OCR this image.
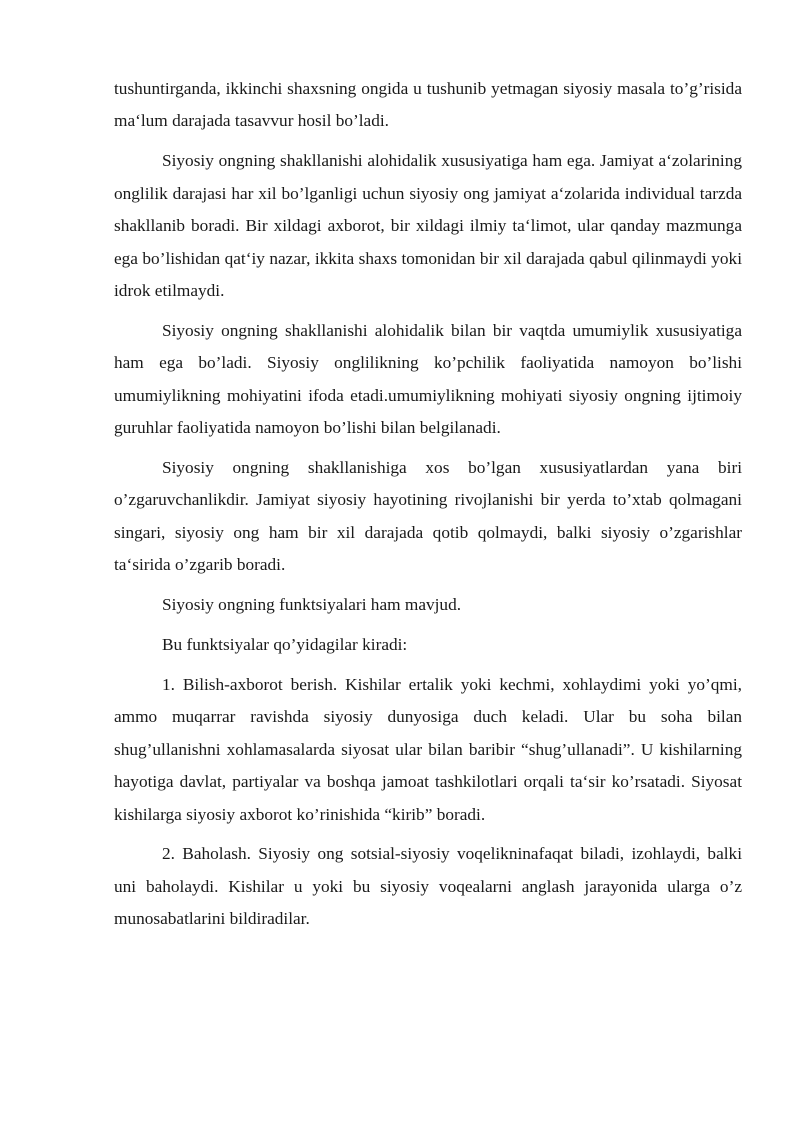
tushuntirganda, ikkinchi shaxsning ongida u tushunib yetmagan siyosiy masala to’g’risida ma‘lum darajada tasavvur hosil bo’ladi.

Siyosiy ongning shakllanishi alohidalik xususiyatiga ham ega. Jamiyat a‘zolarining onglilik darajasi har xil bo’lganligi uchun siyosiy ong jamiyat a‘zolarida individual tarzda shakllanib boradi. Bir xildagi axborot, bir xildagi ilmiy ta‘limot, ular qanday mazmunga ega bo’lishidan qat‘iy nazar, ikkita shaxs tomonidan bir xil darajada qabul qilinmaydi yoki idrok etilmaydi.

Siyosiy ongning shakllanishi alohidalik bilan bir vaqtda umumiylik xususiyatiga ham ega bo’ladi. Siyosiy onglilikning ko’pchilik faoliyatida namoyon bo’lishi umumiylikning mohiyatini ifoda etadi.umumiylikning mohiyati siyosiy ongning ijtimoiy guruhlar faoliyatida namoyon bo’lishi bilan belgilanadi.

Siyosiy ongning shakllanishiga xos bo’lgan xususiyatlardan yana biri o’zgaruvchanlikdir. Jamiyat siyosiy hayotining rivojlanishi bir yerda to’xtab qolmagani singari, siyosiy ong ham bir xil darajada qotib qolmaydi, balki siyosiy o’zgarishlar ta‘sirida o’zgarib boradi.

Siyosiy ongning funktsiyalari ham mavjud.

Bu funktsiyalar qo’yidagilar kiradi:

1. Bilish-axborot berish. Kishilar ertalik yoki kechmi, xohlaydimi yoki yo’qmi, ammo muqarrar ravishda siyosiy dunyosiga duch keladi. Ular bu soha bilan shug’ullanishni xohlamasalarda siyosat ular bilan baribir “shug’ullanadi”. U kishilarning hayotiga davlat, partiyalar va boshqa jamoat tashkilotlari orqali ta‘sir ko’rsatadi. Siyosat kishilarga siyosiy axborot ko’rinishida “kirib” boradi.

2. Baholash. Siyosiy ong sotsial-siyosiy voqelikninafaqat biladi, izohlaydi, balki uni baholaydi. Kishilar u yoki bu siyosiy voqealarni anglash jarayonida ularga o’z munosabatlarini bildiradilar.
